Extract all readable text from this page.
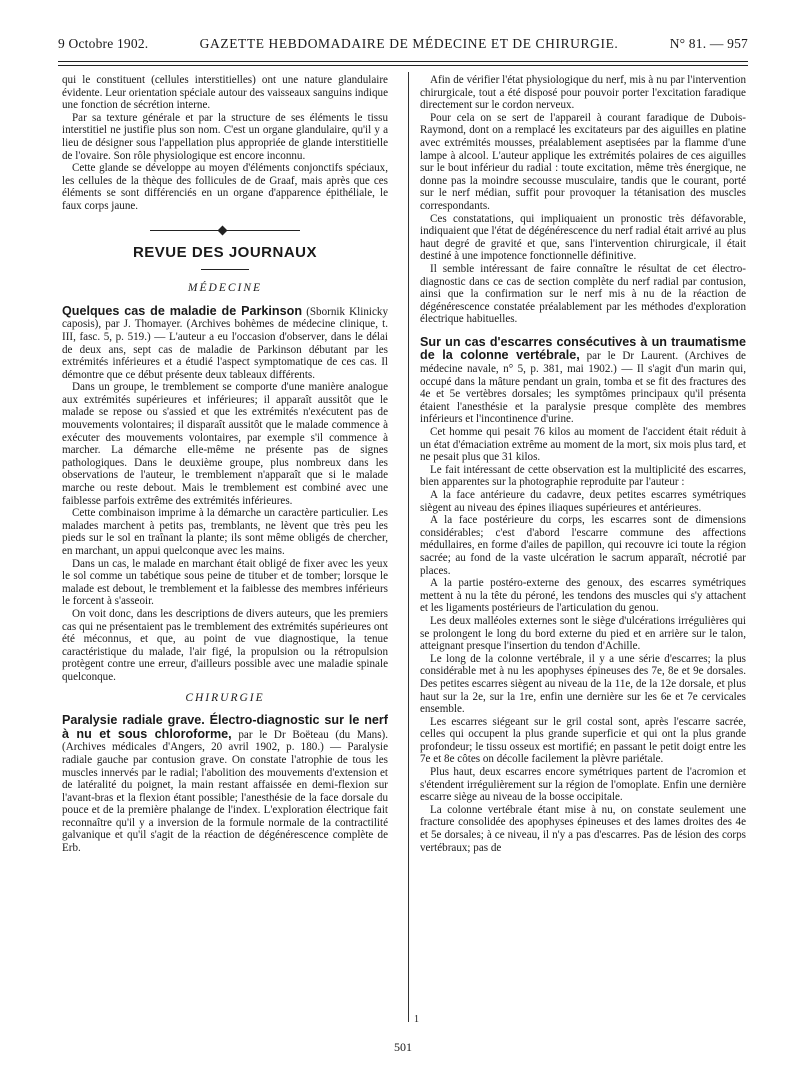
9 Octobre 1902.	GAZETTE HEBDOMADAIRE DE MÉDECINE ET DE CHIRURGIE.	N° 81. — 957

qui le constituent (cellules interstitielles) ont une nature glandulaire évidente. Leur orientation spéciale autour des vaisseaux sanguins indique une fonction de sécrétion interne.

Par sa texture générale et par la structure de ses éléments le tissu interstitiel ne justifie plus son nom. C'est un organe glandulaire, qu'il y a lieu de désigner sous l'appellation plus appropriée de glande interstitielle de l'ovaire. Son rôle physiologique est encore inconnu.

Cette glande se développe au moyen d'éléments conjonctifs spéciaux, les cellules de la thèque des follicules de de Graaf, mais après que ces éléments se sont différenciés en un organe d'apparence épithéliale, le faux corps jaune.

REVUE DES JOURNAUX
MÉDECINE

Quelques cas de maladie de Parkinson (Sbornik Klinicky caposis), par J. Thomayer. (Archives bohèmes de médecine clinique, t. III, fasc. 5, p. 519.) — L'auteur a eu l'occasion d'observer, dans le délai de deux ans, sept cas de maladie de Parkinson débutant par les extrémités inférieures et a étudié l'aspect symptomatique de ces cas. Il démontre que ce début présente deux tableaux différents.

Dans un groupe, le tremblement se comporte d'une manière analogue aux extrémités supérieures et inférieures; il apparaît aussitôt que le malade se repose ou s'assied et que les extrémités n'exécutent pas de mouvements volontaires; il disparaît aussitôt que le malade commence à exécuter des mouvements volontaires, par exemple s'il commence à marcher. La démarche elle-même ne présente pas de signes pathologiques. Dans le deuxième groupe, plus nombreux dans les observations de l'auteur, le tremblement n'apparaît que si le malade marche ou reste debout. Mais le tremblement est combiné avec une faiblesse parfois extrême des extrémités inférieures.

Cette combinaison imprime à la démarche un caractère particulier. Les malades marchent à petits pas, tremblants, ne lèvent que très peu les pieds sur le sol en traînant la plante; ils sont même obligés de chercher, en marchant, un appui quelconque avec les mains.

Dans un cas, le malade en marchant était obligé de fixer avec les yeux le sol comme un tabétique sous peine de tituber et de tomber; lorsque le malade est debout, le tremblement et la faiblesse des membres inférieurs le forcent à s'asseoir.

On voit donc, dans les descriptions de divers auteurs, que les premiers cas qui ne présentaient pas le tremblement des extrémités supérieures ont été méconnus, et que, au point de vue diagnostique, la tenue caractéristique du malade, l'air figé, la propulsion ou la rétropulsion protègent contre une erreur, d'ailleurs possible avec une maladie spinale quelconque.

CHIRURGIE

Paralysie radiale grave. Électro-diagnostic sur le nerf à nu et sous chloroforme, par le Dr Boëteau (du Mans). (Archives médicales d'Angers, 20 avril 1902, p. 180.) — Paralysie radiale gauche par contusion grave. On constate l'atrophie de tous les muscles innervés par le radial; l'abolition des mouvements d'extension et de latéralité du poignet, la main restant affaissée en demi-flexion sur l'avant-bras et la flexion étant possible; l'anesthésie de la face dorsale du pouce et de la première phalange de l'index. L'exploration électrique fait reconnaître qu'il y a inversion de la formule normale de la contractilité galvanique et qu'il s'agit de la réaction de dégénérescence complète de Erb.

Afin de vérifier l'état physiologique du nerf, mis à nu par l'intervention chirurgicale, tout a été disposé pour pouvoir porter l'excitation faradique directement sur le cordon nerveux.

Pour cela on se sert de l'appareil à courant faradique de Dubois-Raymond, dont on a remplacé les excitateurs par des aiguilles en platine avec extrémités mousses, préalablement aseptisées par la flamme d'une lampe à alcool. L'auteur applique les extrémités polaires de ces aiguilles sur le bout inférieur du radial : toute excitation, même très énergique, ne donne pas la moindre secousse musculaire, tandis que le courant, porté sur le nerf médian, suffit pour provoquer la tétanisation des muscles correspondants.

Ces constatations, qui impliquaient un pronostic très défavorable, indiquaient que l'état de dégénérescence du nerf radial était arrivé au plus haut degré de gravité et que, sans l'intervention chirurgicale, il était destiné à une impotence fonctionnelle définitive.

Il semble intéressant de faire connaître le résultat de cet électro-diagnostic dans ce cas de section complète du nerf radial par contusion, ainsi que la confirmation sur le nerf mis à nu de la réaction de dégénérescence constatée préalablement par les méthodes d'exploration électrique habituelles.

Sur un cas d'escarres consécutives à un traumatisme de la colonne vertébrale, par le Dr Laurent. (Archives de médecine navale, n° 5, p. 381, mai 1902.) — Il s'agit d'un marin qui, occupé dans la mâture pendant un grain, tomba et se fit des fractures des 4e et 5e vertèbres dorsales; les symptômes principaux qu'il présenta étaient l'anesthésie et la paralysie presque complète des membres inférieurs et l'incontinence d'urine.

Cet homme qui pesait 76 kilos au moment de l'accident était réduit à un état d'émaciation extrême au moment de la mort, six mois plus tard, et ne pesait plus que 31 kilos.

Le fait intéressant de cette observation est la multiplicité des escarres, bien apparentes sur la photographie reproduite par l'auteur :

A la face antérieure du cadavre, deux petites escarres symétriques siègent au niveau des épines iliaques supérieures et antérieures.

A la face postérieure du corps, les escarres sont de dimensions considérables; c'est d'abord l'escarre commune des affections médullaires, en forme d'ailes de papillon, qui recouvre ici toute la région sacrée; au fond de la vaste ulcération le sacrum apparaît, nécrotié par places.

A la partie postéro-externe des genoux, des escarres symétriques mettent à nu la tête du péroné, les tendons des muscles qui s'y attachent et les ligaments postérieurs de l'articulation du genou.

Les deux malléoles externes sont le siège d'ulcérations irrégulières qui se prolongent le long du bord externe du pied et en arrière sur le talon, atteignant presque l'insertion du tendon d'Achille.

Le long de la colonne vertébrale, il y a une série d'escarres; la plus considérable met à nu les apophyses épineuses des 7e, 8e et 9e dorsales. Des petites escarres siègent au niveau de la 11e, de la 12e dorsale, et plus haut sur la 2e, sur la 1re, enfin une dernière sur les 6e et 7e cervicales ensemble.

Les escarres siégeant sur le gril costal sont, après l'escarre sacrée, celles qui occupent la plus grande superficie et qui ont la plus grande profondeur; le tissu osseux est mortifié; en passant le petit doigt entre les 7e et 8e côtes on décolle facilement la plèvre pariétale.

Plus haut, deux escarres encore symétriques partent de l'acromion et s'étendent irrégulièrement sur la région de l'omoplate. Enfin une dernière escarre siège au niveau de la bosse occipitale.

La colonne vertébrale étant mise à nu, on constate seulement une fracture consolidée des apophyses épineuses et des lames droites des 4e et 5e dorsales; à ce niveau, il n'y a pas d'escarres. Pas de lésion des corps vertébraux; pas de

1
501
